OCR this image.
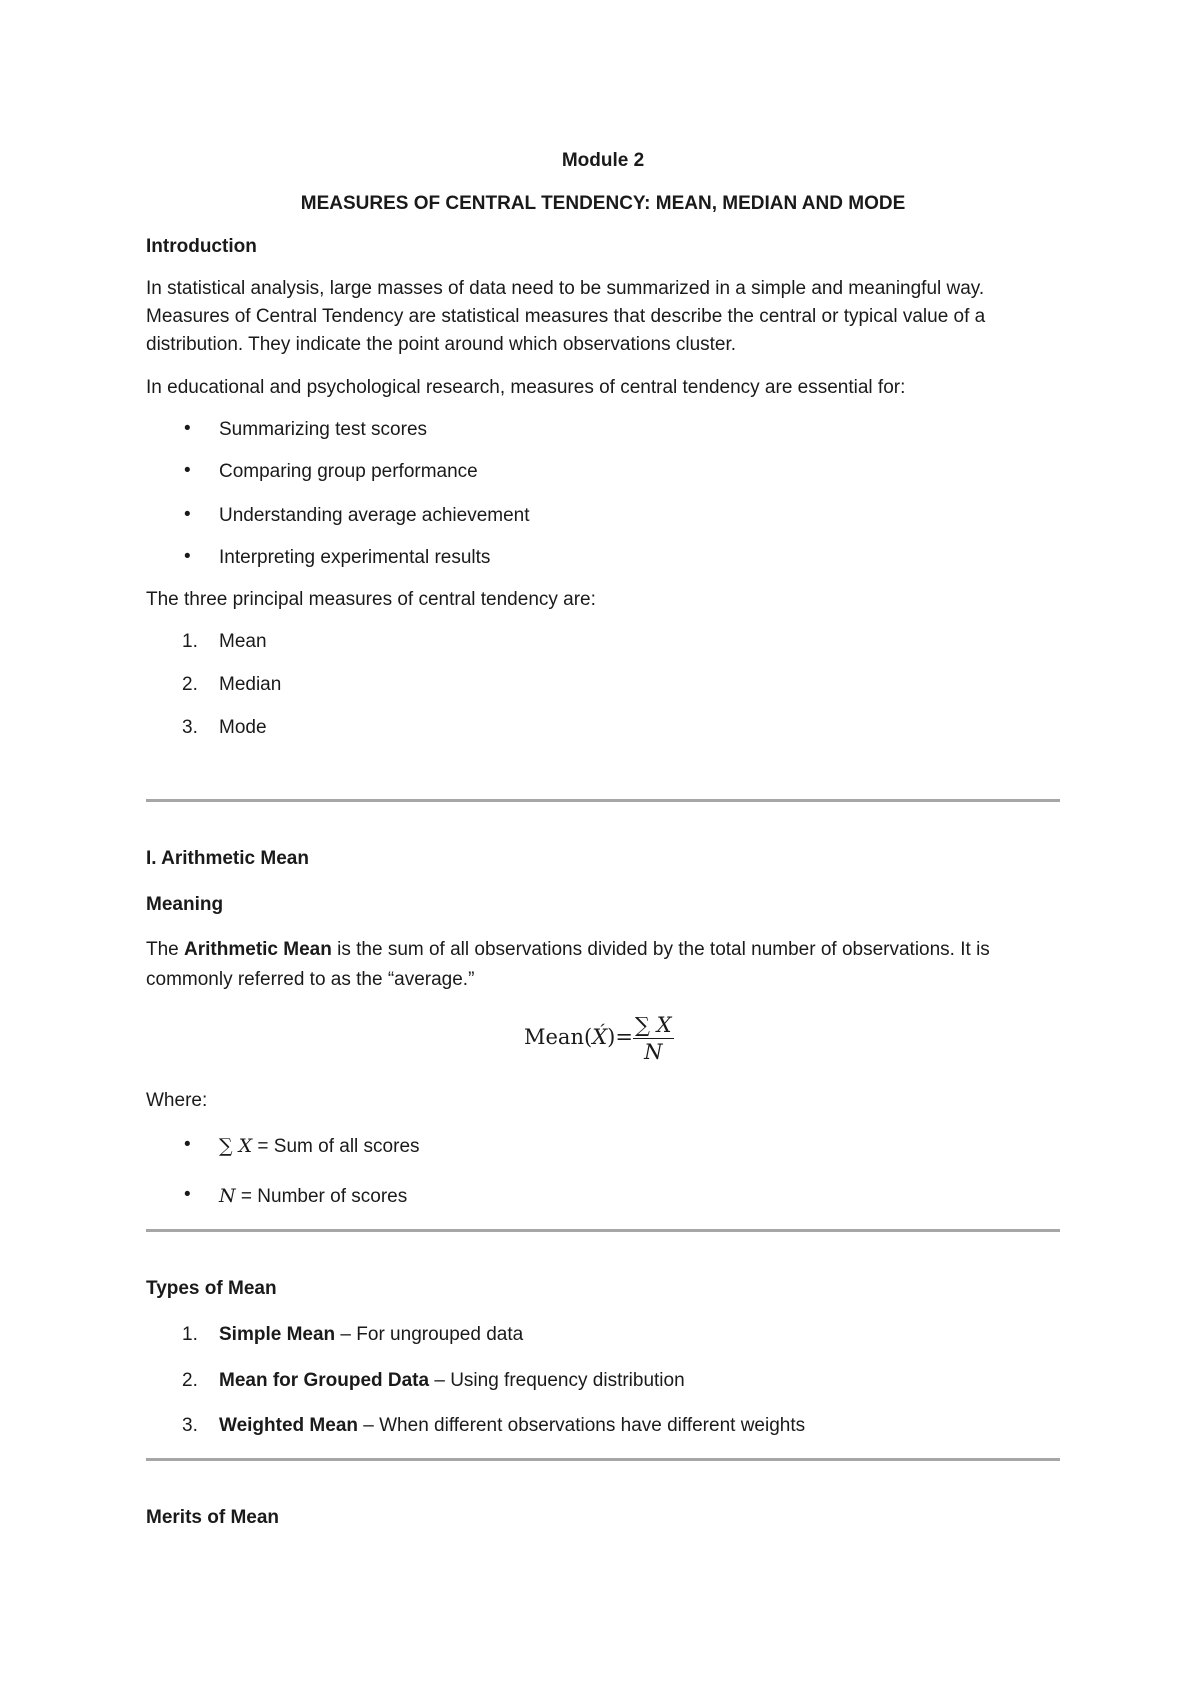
Module 2
MEASURES OF CENTRAL TENDENCY: MEAN, MEDIAN AND MODE
Introduction
In statistical analysis, large masses of data need to be summarized in a simple and meaningful way.
Measures of Central Tendency are statistical measures that describe the central or typical value of a
distribution. They indicate the point around which observations cluster.
In educational and psychological research, measures of central tendency are essential for:
• Summarizing test scores
• Comparing group performance
• Understanding average achievement
• Interpreting experimental results
The three principal measures of central tendency are:
1. Mean
2. Median
3. Mode
I. Arithmetic Mean
Meaning
The Arithmetic Mean is the sum of all observations divided by the total number of observations. It is
commonly referred to as the “average.”
Mean(X́)= $\frac{\sum X}{N}$
Where:
• ∑ X = Sum of all scores
• N = Number of scores
Types of Mean
1. Simple Mean – For ungrouped data
2. Mean for Grouped Data – Using frequency distribution
3. Weighted Mean – When different observations have different weights
Merits of Mean
